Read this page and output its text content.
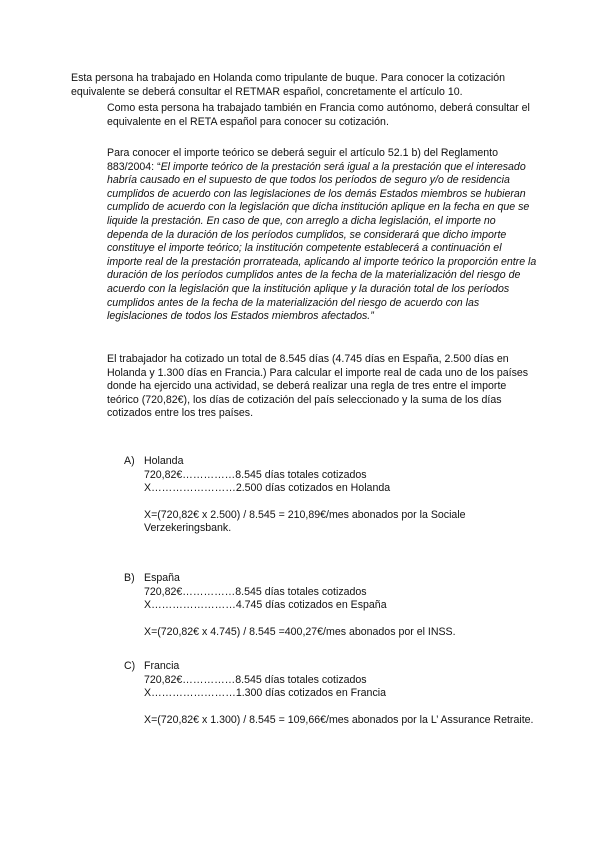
Esta persona ha trabajado en Holanda como tripulante de buque. Para conocer la cotización equivalente se deberá consultar el RETMAR español, concretamente el artículo 10.

Como esta persona ha trabajado también en Francia como autónomo, deberá consultar el equivalente en el RETA español para conocer su cotización.

Para conocer el importe teórico se deberá seguir el artículo 52.1 b) del Reglamento 883/2004: “El importe teórico de la prestación será igual a la prestación que el interesado habría causado en el supuesto de que todos los períodos de seguro y/o de residencia cumplidos de acuerdo con las legislaciones de los demás Estados miembros se hubieran cumplido de acuerdo con la legislación que dicha institución aplique en la fecha en que se liquide la prestación. En caso de que, con arreglo a dicha legislación, el importe no dependa de la duración de los períodos cumplidos, se considerará que dicho importe constituye el importe teórico; la institución competente establecerá a continuación el importe real de la prestación prorrateada, aplicando al importe teórico la proporción entre la duración de los períodos cumplidos antes de la fecha de la materialización del riesgo de acuerdo con la legislación que la institución aplique y la duración total de los períodos cumplidos antes de la fecha de la materialización del riesgo de acuerdo con las legislaciones de todos los Estados miembros afectados.”

El trabajador ha cotizado un total de 8.545 días (4.745 días en España, 2.500 días en Holanda y 1.300 días en Francia.) Para calcular el importe real de cada uno de los países donde ha ejercido una actividad, se deberá realizar una regla de tres entre el importe teórico (720,82€), los días de cotización del país seleccionado y la suma de los días cotizados entre los tres países.

A) Holanda
720,82€……………8.545 días totales cotizados
X……………………2.500 días cotizados en Holanda
X=(720,82€ x 2.500) / 8.545 = 210,89€/mes abonados por la Sociale Verzekeringsbank.
B) España
720,82€……………8.545 días totales cotizados
X……………………4.745 días cotizados en España
X=(720,82€ x 4.745) / 8.545 =400,27€/mes abonados por el INSS.
C) Francia
720,82€……………8.545 días totales cotizados
X……………………1.300 días cotizados en Francia
X=(720,82€ x 1.300) / 8.545 = 109,66€/mes abonados por la L’ Assurance Retraite.
